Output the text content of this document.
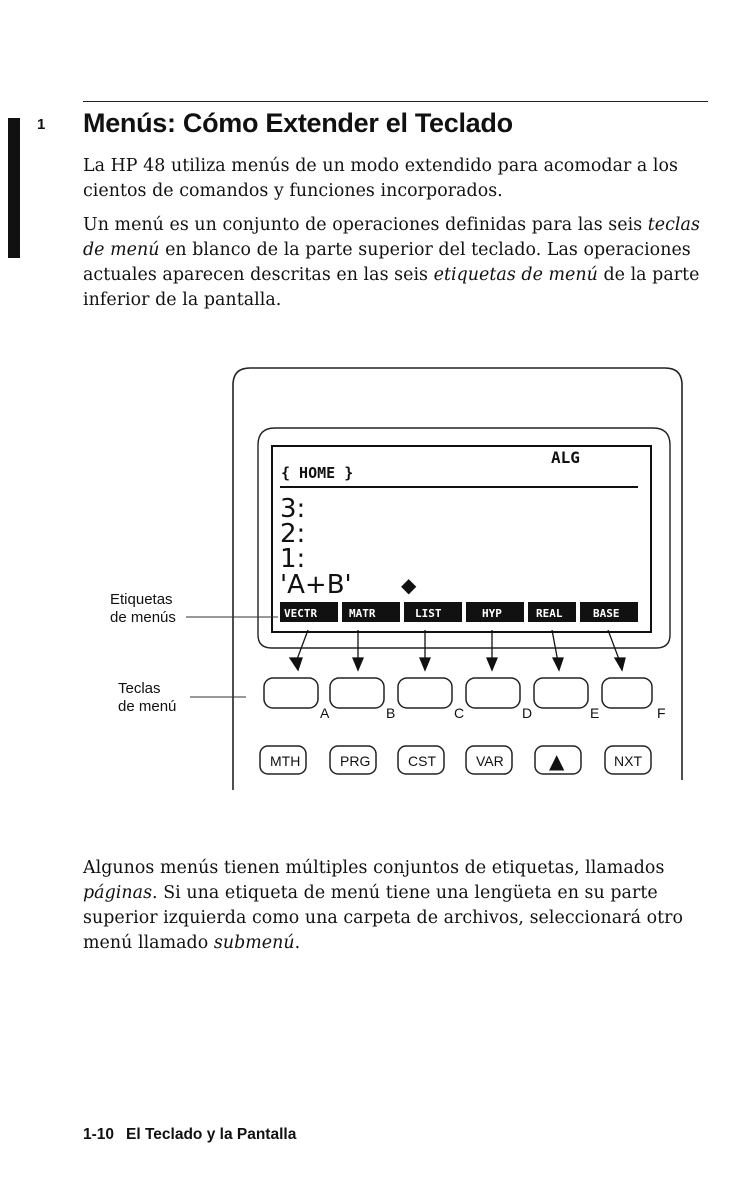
1 Menús: Cómo Extender el Teclado

La HP 48 utiliza menús de un modo extendido para acomodar a los cientos de comandos y funciones incorporados.

Un menú es un conjunto de operaciones definidas para las seis teclas de menú en blanco de la parte superior del teclado. Las operaciones actuales aparecen descritas en las seis etiquetas de menú de la parte inferior de la pantalla.

ALG
{ HOME }
3:
2:
1:
'A+B' ◆
VECTR	MATR	LIST	HYP	REAL	BASE
A	B	C	D	E	F
MTH	PRG	CST	VAR ▲	NXT
Etiquetas
de menús
Teclas
de menú

Algunos menús tienen múltiples conjuntos de etiquetas, llamados páginas. Si una etiqueta de menú tiene una lengüeta en su parte superior izquierda como una carpeta de archivos, seleccionará otro menú llamado submenú.

1-10 El Teclado y la Pantalla
